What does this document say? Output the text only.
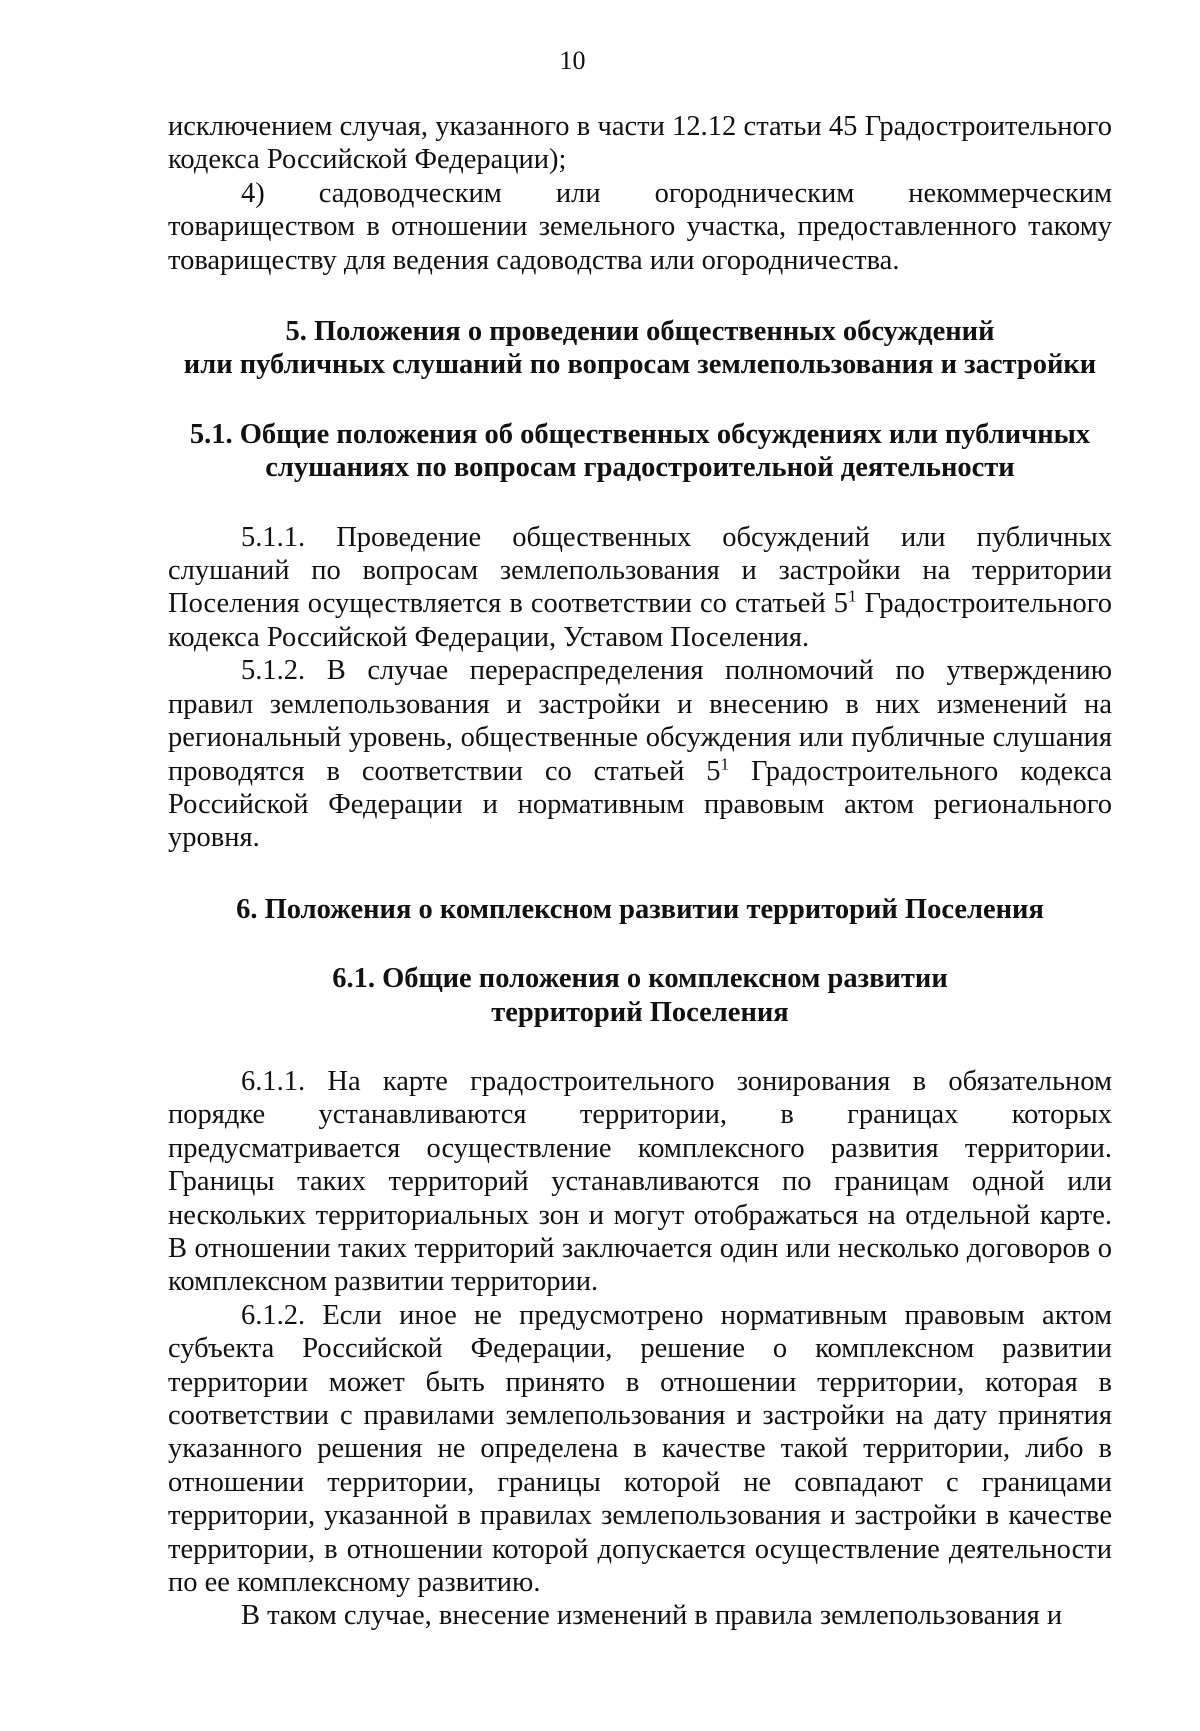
10

исключением случая, указанного в части 12.12 статьи 45 Градостроительного кодекса Российской Федерации);

4) садоводческим или огородническим некоммерческим товариществом в отношении земельного участка, предоставленного такому товариществу для ведения садоводства или огородничества.

5. Положения о проведении общественных обсуждений
или публичных слушаний по вопросам землепользования и застройки
5.1. Общие положения об общественных обсуждениях или публичных
слушаниях по вопросам градостроительной деятельности

5.1.1. Проведение общественных обсуждений или публичных слушаний по вопросам землепользования и застройки на территории Поселения осуществляется в соответствии со статьей $5^1$ Градостроительного кодекса Российской Федерации, Уставом Поселения.

5.1.2. В случае перераспределения полномочий по утверждению правил землепользования и застройки и внесению в них изменений на региональный уровень, общественные обсуждения или публичные слушания проводятся в соответствии со статьей $5^1$ Градостроительного кодекса Российской Федерации и нормативным правовым актом регионального уровня.

6. Положения о комплексном развитии территорий Поселения
6.1. Общие положения о комплексном развитии
территорий Поселения

6.1.1. На карте градостроительного зонирования в обязательном порядке устанавливаются территории, в границах которых предусматривается осуществление комплексного развития территории. Границы таких территорий устанавливаются по границам одной или нескольких территориальных зон и могут отображаться на отдельной карте. В отношении таких территорий заключается один или несколько договоров о комплексном развитии территории.

6.1.2. Если иное не предусмотрено нормативным правовым актом субъекта Российской Федерации, решение о комплексном развитии территории может быть принято в отношении территории, которая в соответствии с правилами землепользования и застройки на дату принятия указанного решения не определена в качестве такой территории, либо в отношении территории, границы которой не совпадают с границами территории, указанной в правилах землепользования и застройки в качестве территории, в отношении которой допускается осуществление деятельности по ее комплексному развитию.

В таком случае, внесение изменений в правила землепользования и
